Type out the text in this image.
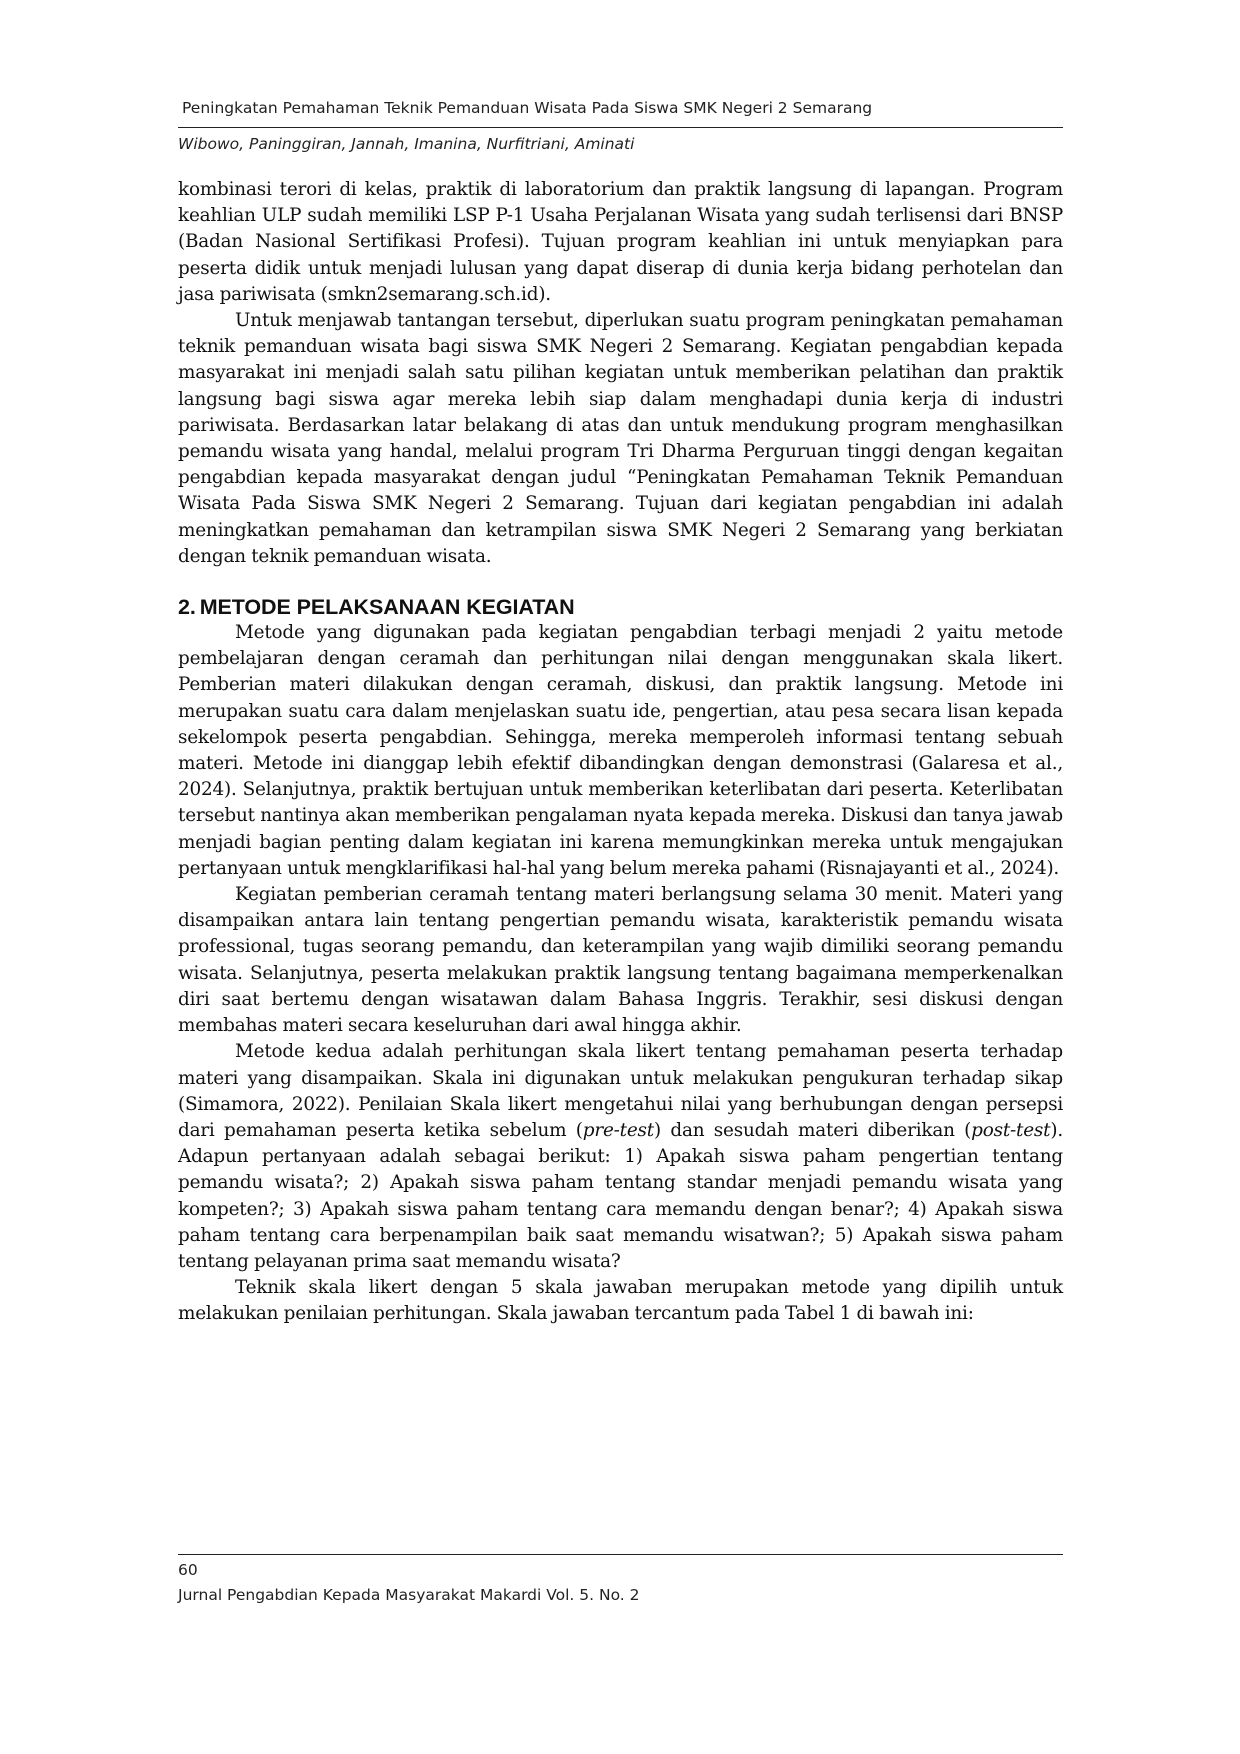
Peningkatan Pemahaman Teknik Pemanduan Wisata Pada Siswa SMK Negeri 2 Semarang
Wibowo, Paninggiran, Jannah, Imanina, Nurfitriani, Aminati

kombinasi terori di kelas, praktik di laboratorium dan praktik langsung di lapangan. Program keahlian ULP sudah memiliki LSP P-1 Usaha Perjalanan Wisata yang sudah terlisensi dari BNSP (Badan Nasional Sertifikasi Profesi). Tujuan program keahlian ini untuk menyiapkan para peserta didik untuk menjadi lulusan yang dapat diserap di dunia kerja bidang perhotelan dan jasa pariwisata (smkn2semarang.sch.id).

Untuk menjawab tantangan tersebut, diperlukan suatu program peningkatan pemahaman teknik pemanduan wisata bagi siswa SMK Negeri 2 Semarang. Kegiatan pengabdian kepada masyarakat ini menjadi salah satu pilihan kegiatan untuk memberikan pelatihan dan praktik langsung bagi siswa agar mereka lebih siap dalam menghadapi dunia kerja di industri pariwisata. Berdasarkan latar belakang di atas dan untuk mendukung program menghasilkan pemandu wisata yang handal, melalui program Tri Dharma Perguruan tinggi dengan kegaitan pengabdian kepada masyarakat dengan judul “Peningkatan Pemahaman Teknik Pemanduan Wisata Pada Siswa SMK Negeri 2 Semarang. Tujuan dari kegiatan pengabdian ini adalah meningkatkan pemahaman dan ketrampilan siswa SMK Negeri 2 Semarang yang berkiatan dengan teknik pemanduan wisata.

2. METODE PELAKSANAAN KEGIATAN

Metode yang digunakan pada kegiatan pengabdian terbagi menjadi 2 yaitu metode pembelajaran dengan ceramah dan perhitungan nilai dengan menggunakan skala likert. Pemberian materi dilakukan dengan ceramah, diskusi, dan praktik langsung. Metode ini merupakan suatu cara dalam menjelaskan suatu ide, pengertian, atau pesa secara lisan kepada sekelompok peserta pengabdian. Sehingga, mereka memperoleh informasi tentang sebuah materi. Metode ini dianggap lebih efektif dibandingkan dengan demonstrasi (Galaresa et al., 2024). Selanjutnya, praktik bertujuan untuk memberikan keterlibatan dari peserta. Keterlibatan tersebut nantinya akan memberikan pengalaman nyata kepada mereka. Diskusi dan tanya jawab menjadi bagian penting dalam kegiatan ini karena memungkinkan mereka untuk mengajukan pertanyaan untuk mengklarifikasi hal-hal yang belum mereka pahami (Risnajayanti et al., 2024).

Kegiatan pemberian ceramah tentang materi berlangsung selama 30 menit. Materi yang disampaikan antara lain tentang pengertian pemandu wisata, karakteristik pemandu wisata professional, tugas seorang pemandu, dan keterampilan yang wajib dimiliki seorang pemandu wisata. Selanjutnya, peserta melakukan praktik langsung tentang bagaimana memperkenalkan diri saat bertemu dengan wisatawan dalam Bahasa Inggris. Terakhir, sesi diskusi dengan membahas materi secara keseluruhan dari awal hingga akhir.

Metode kedua adalah perhitungan skala likert tentang pemahaman peserta terhadap materi yang disampaikan. Skala ini digunakan untuk melakukan pengukuran terhadap sikap (Simamora, 2022). Penilaian Skala likert mengetahui nilai yang berhubungan dengan persepsi dari pemahaman peserta ketika sebelum (pre-test) dan sesudah materi diberikan (post-test). Adapun pertanyaan adalah sebagai berikut: 1) Apakah siswa paham pengertian tentang pemandu wisata?; 2) Apakah siswa paham tentang standar menjadi pemandu wisata yang kompeten?; 3) Apakah siswa paham tentang cara memandu dengan benar?; 4) Apakah siswa paham tentang cara berpenampilan baik saat memandu wisatwan?; 5) Apakah siswa paham tentang pelayanan prima saat memandu wisata?

Teknik skala likert dengan 5 skala jawaban merupakan metode yang dipilih untuk melakukan penilaian perhitungan. Skala jawaban tercantum pada Tabel 1 di bawah ini:

60
Jurnal Pengabdian Kepada Masyarakat Makardi Vol. 5. No. 2
